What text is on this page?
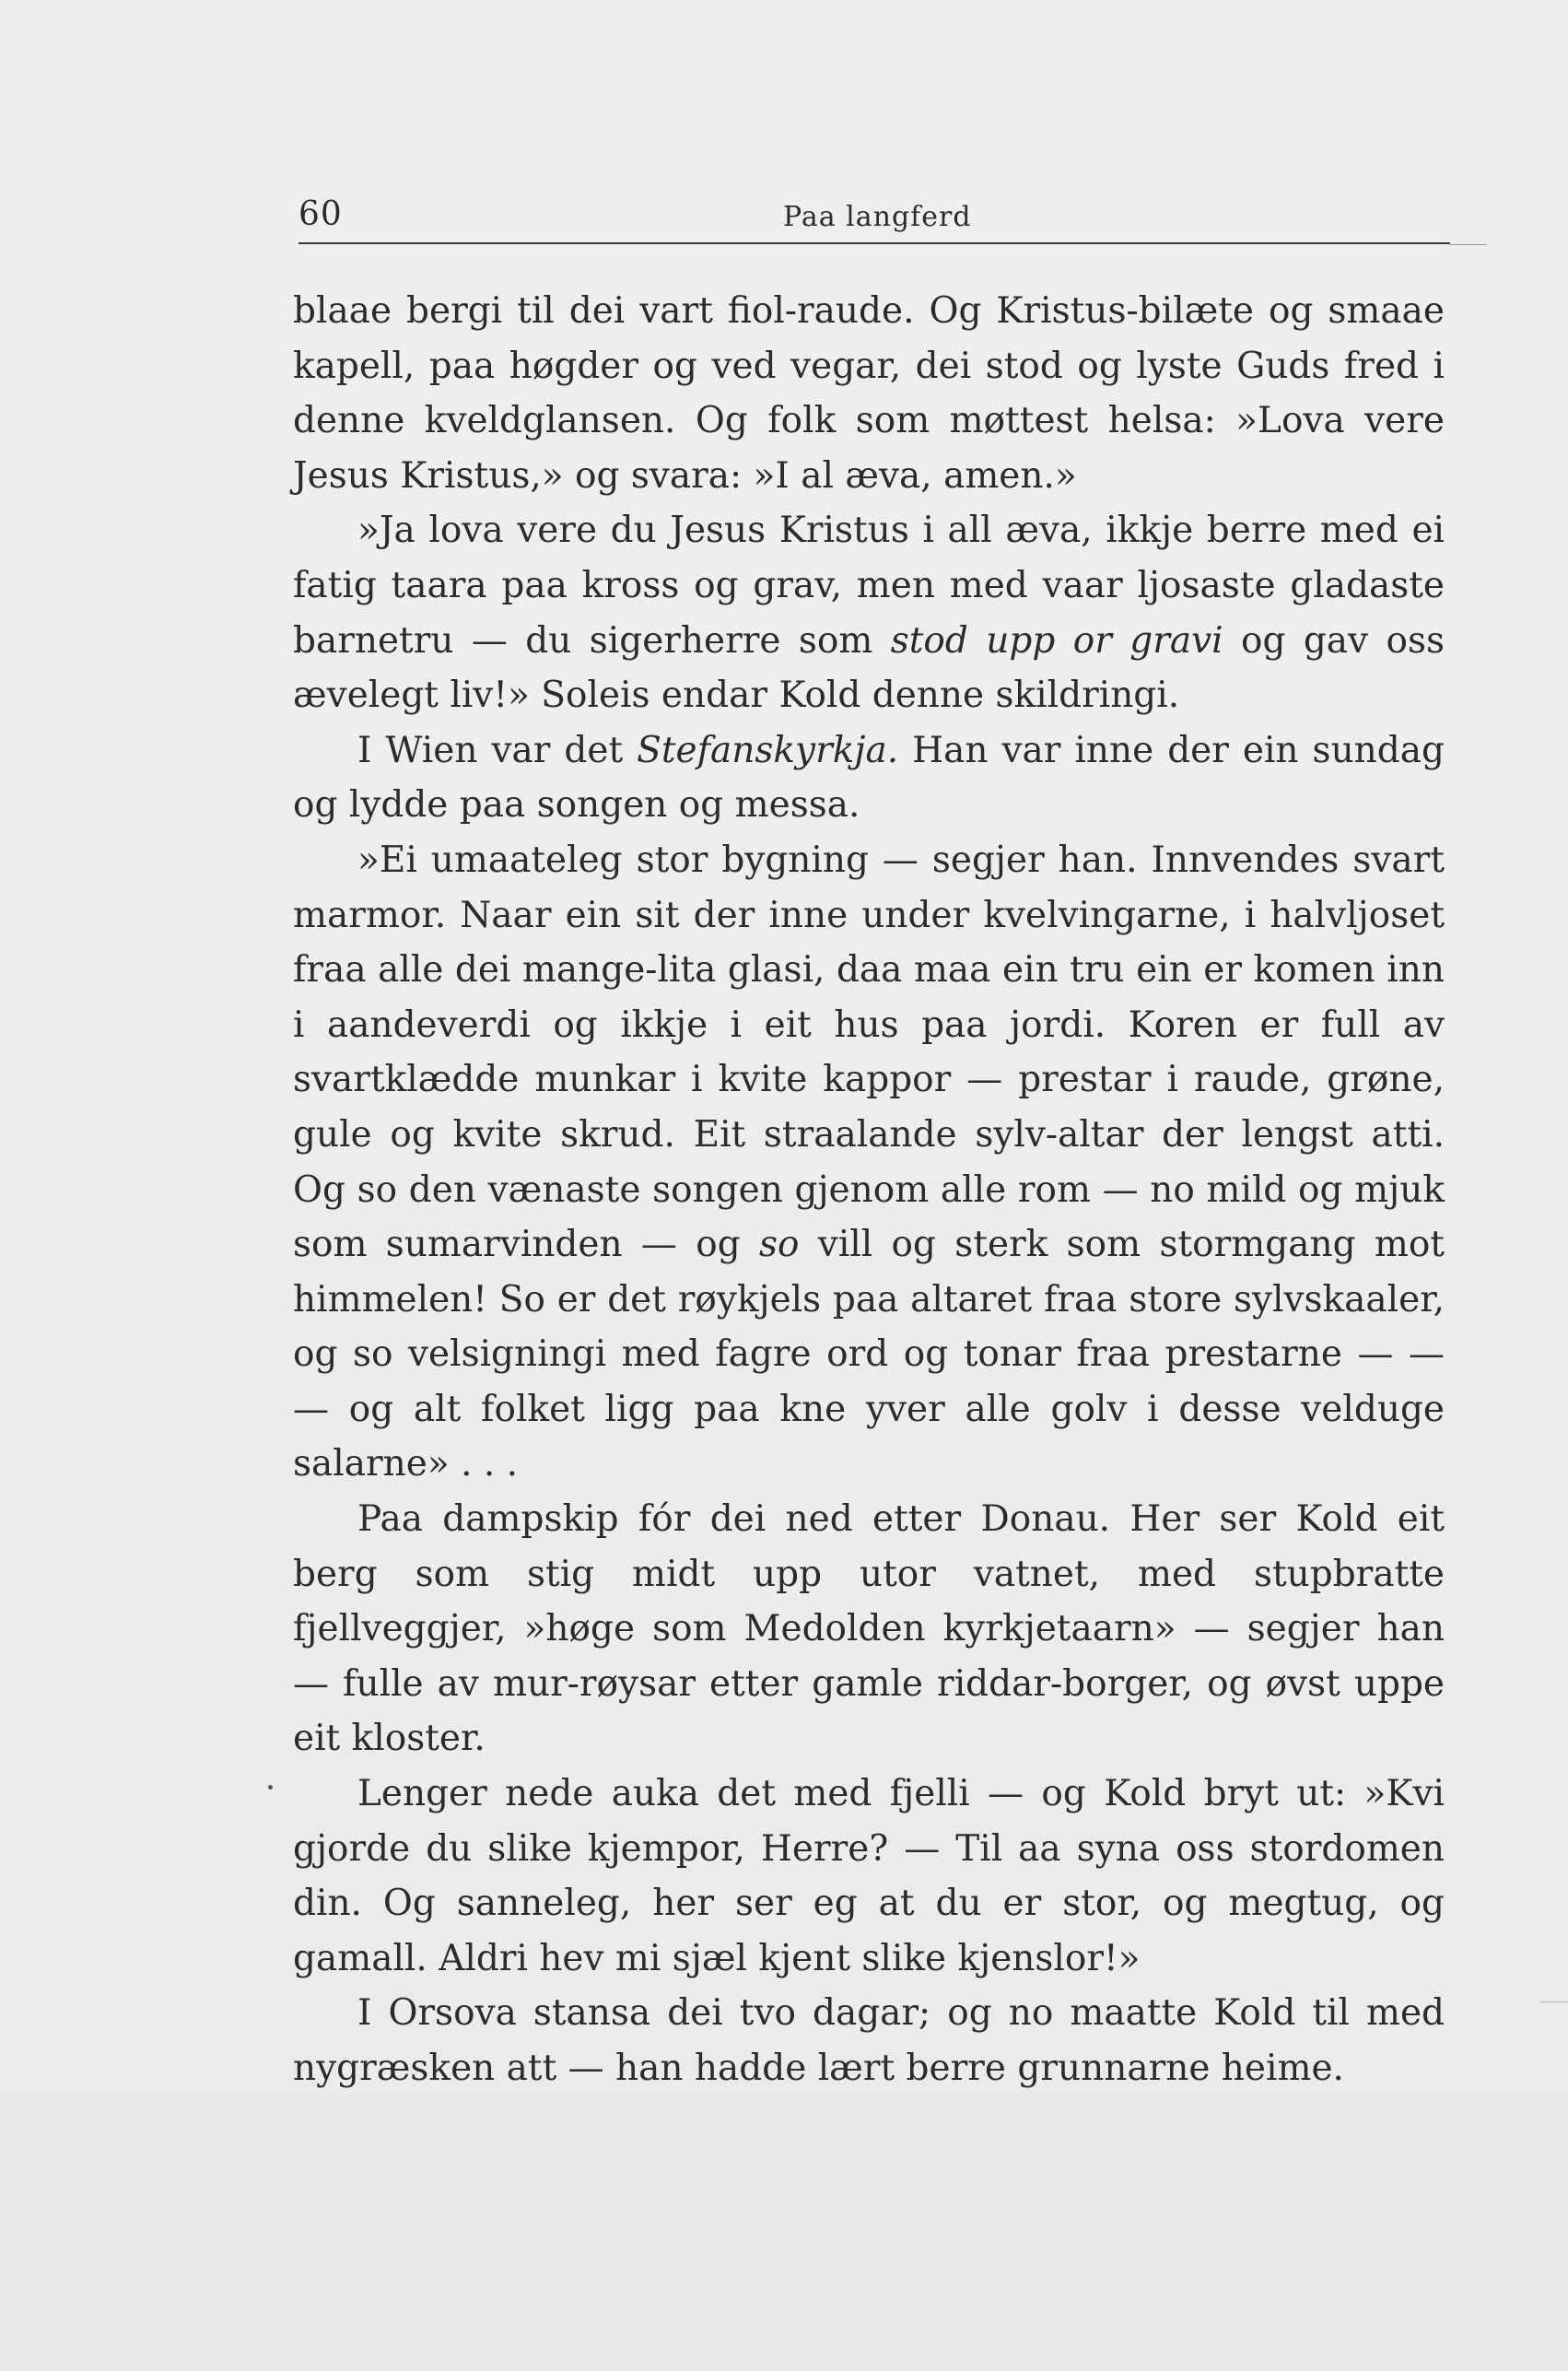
60	Paa langferd

blaae bergi til dei vart fiol-raude. Og Kristus-bilæte og smaae kapell, paa høgder og ved vegar, dei stod og lyste Guds fred i denne kveldglansen. Og folk som møttest helsa: »Lova vere Jesus Kristus,» og svara: »I al æva, amen.»

»Ja lova vere du Jesus Kristus i all æva, ikkje berre med ei fatig taara paa kross og grav, men med vaar ljosaste gladaste barnetru — du sigerherre som stod upp or gravi og gav oss ævelegt liv!» Soleis endar Kold denne skildringi.

I Wien var det Stefanskyrkja. Han var inne der ein sundag og lydde paa songen og messa.

»Ei umaateleg stor bygning — segjer han. Innvendes svart marmor. Naar ein sit der inne under kvelvingarne, i halvljoset fraa alle dei mange-lita glasi, daa maa ein tru ein er komen inn i aandeverdi og ikkje i eit hus paa jordi. Koren er full av svartklædde munkar i kvite kappor — prestar i raude, grøne, gule og kvite skrud. Eit straalande sylv-altar der lengst atti. Og so den vænaste songen gjenom alle rom — no mild og mjuk som sumarvinden — og so vill og sterk som stormgang mot himmelen! So er det røykjels paa altaret fraa store sylvskaaler, og so velsigningi med fagre ord og tonar fraa prestarne — — — og alt folket ligg paa kne yver alle golv i desse velduge salarne» . . .

Paa dampskip fór dei ned etter Donau. Her ser Kold eit berg som stig midt upp utor vatnet, med stupbratte fjellveggjer, »høge som Medolden kyrkjetaarn» — segjer han — fulle av mur-røysar etter gamle riddar-borger, og øvst uppe eit kloster.

Lenger nede auka det med fjelli — og Kold bryt ut: »Kvi gjorde du slike kjempor, Herre? — Til aa syna oss stordomen din. Og sanneleg, her ser eg at du er stor, og megtug, og gamall. Aldri hev mi sjæl kjent slike kjenslor!»

I Orsova stansa dei tvo dagar; og no maatte Kold til med nygræsken att — han hadde lært berre grunnarne heime.
